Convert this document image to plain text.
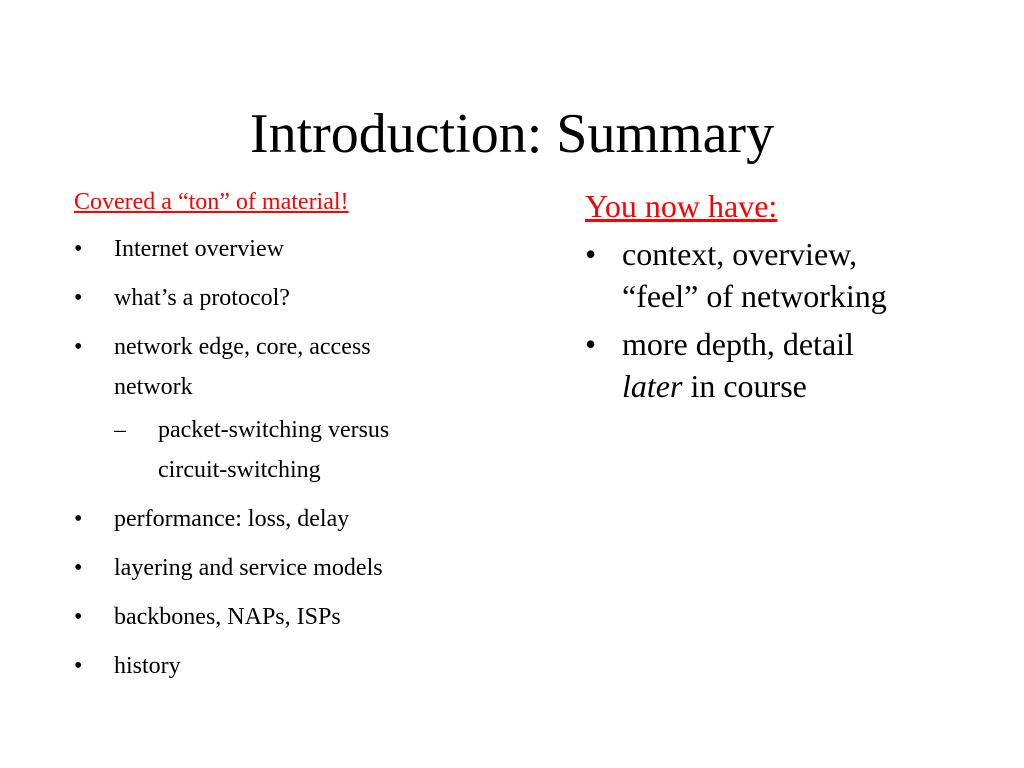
Introduction: Summary

Covered a “ton” of material!

• Internet overview
• what’s a protocol?
• network edge, core, access
network
– packet-switching versus
circuit-switching
• performance: loss, delay
• layering and service models
• backbones, NAPs, ISPs
• history

You now have:

• context, overview,
“feel” of networking
• more depth, detail
later in course
